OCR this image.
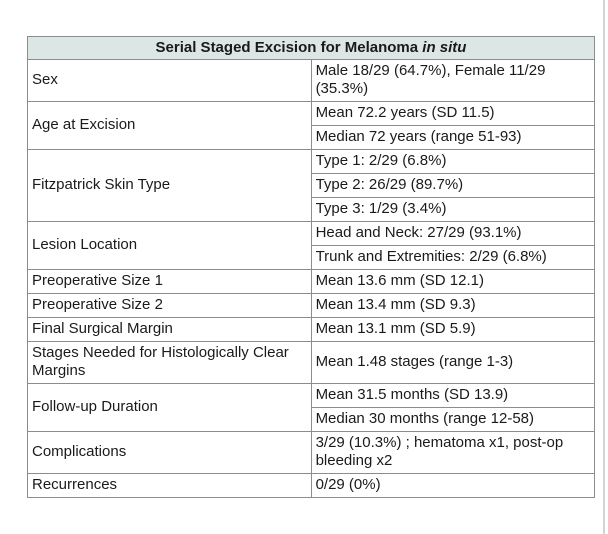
Serial Staged Excision for Melanoma in situ	
Sex	Male 18/29 (64.7%), Female 11/29 (35.3%)
Age at Excision	Mean 72.2 years (SD 11.5)
	Median 72 years (range 51-93)
Fitzpatrick Skin Type	Type 1: 2/29 (6.8%)
	Type 2: 26/29 (89.7%)
	Type 3: 1/29 (3.4%)
Lesion Location	Head and Neck: 27/29 (93.1%)
	Trunk and Extremities: 2/29 (6.8%)
Preoperative Size 1	Mean 13.6 mm (SD 12.1)
Preoperative Size 2	Mean 13.4 mm (SD 9.3)
Final Surgical Margin	Mean 13.1 mm (SD 5.9)
Stages Needed for Histologically Clear Margins	Mean 1.48 stages (range 1-3)
Follow-up Duration	Mean 31.5 months (SD 13.9)
	Median 30 months (range 12-58)
Complications	3/29 (10.3%) ; hematoma x1, post-op bleeding x2
Recurrences	0/29 (0%)
